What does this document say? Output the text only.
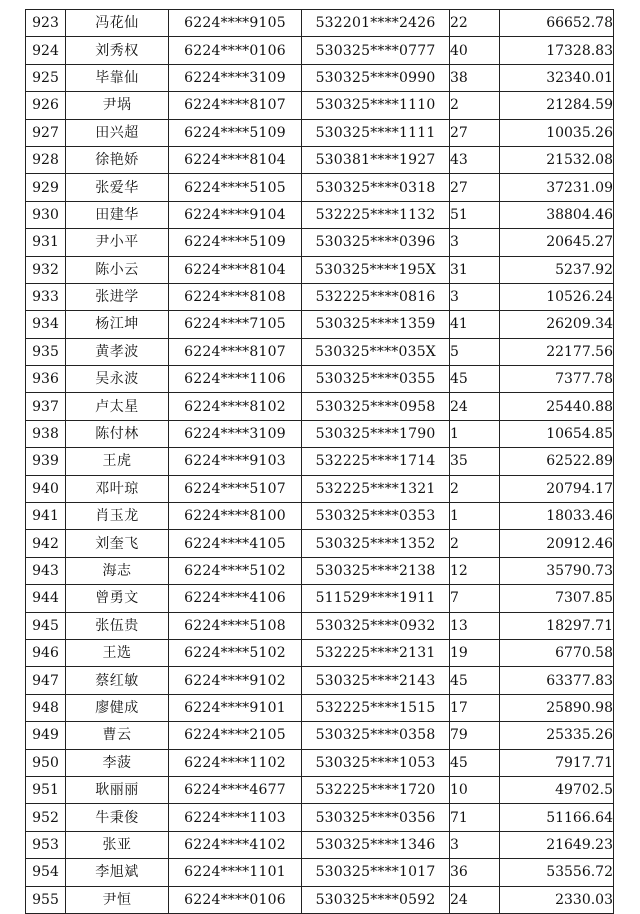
923	冯花仙	6224****9105	532201****2426	22	66652.78
924	刘秀权	6224****0106	530325****0777	40	17328.83
925	毕靠仙	6224****3109	530325****0990	38	32340.01
926	尹埚	6224****8107	530325****1110	2	21284.59
927	田兴超	6224****5109	530325****1111	27	10035.26
928	徐艳娇	6224****8104	530381****1927	43	21532.08
929	张爱华	6224****5105	530325****0318	27	37231.09
930	田建华	6224****9104	532225****1132	51	38804.46
931	尹小平	6224****5109	530325****0396	3	20645.27
932	陈小云	6224****8104	530325****195X	31	5237.92
933	张进学	6224****8108	532225****0816	3	10526.24
934	杨江坤	6224****7105	530325****1359	41	26209.34
935	黄孝波	6224****8107	530325****035X	5	22177.56
936	吴永波	6224****1106	530325****0355	45	7377.78
937	卢太星	6224****8102	530325****0958	24	25440.88
938	陈付林	6224****3109	530325****1790	1	10654.85
939	王虎	6224****9103	532225****1714	35	62522.89
940	邓叶琼	6224****5107	532225****1321	2	20794.17
941	肖玉龙	6224****8100	530325****0353	1	18033.46
942	刘奎飞	6224****4105	530325****1352	2	20912.46
943	海志	6224****5102	530325****2138	12	35790.73
944	曾勇文	6224****4106	511529****1911	7	7307.85
945	张伍贵	6224****5108	530325****0932	13	18297.71
946	王选	6224****5102	532225****2131	19	6770.58
947	蔡红敏	6224****9102	530325****2143	45	63377.83
948	廖健成	6224****9101	532225****1515	17	25890.98
949	曹云	6224****2105	530325****0358	79	25335.26
950	李菠	6224****1102	530325****1053	45	7917.71
951	耿丽丽	6224****4677	532225****1720	10	49702.5
952	牛秉俊	6224****1103	530325****0356	71	51166.64
953	张亚	6224****4102	530325****1346	3	21649.23
954	李旭斌	6224****1101	530325****1017	36	53556.72
955	尹恒	6224****0106	530325****0592	24	2330.03
